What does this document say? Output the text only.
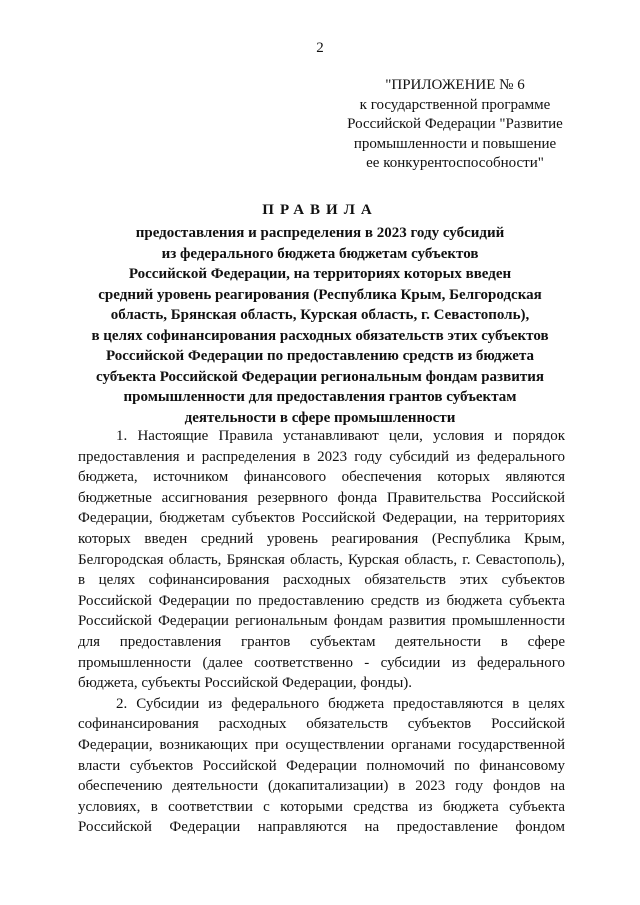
2
"ПРИЛОЖЕНИЕ № 6
к государственной программе
Российской Федерации "Развитие
промышленности и повышение
ее конкурентоспособности"
ПРАВИЛА
предоставления и распределения в 2023 году субсидий
из федерального бюджета бюджетам субъектов
Российской Федерации, на территориях которых введен
средний уровень реагирования (Республика Крым, Белгородская
область, Брянская область, Курская область, г. Севастополь),
в целях софинансирования расходных обязательств этих субъектов
Российской Федерации по предоставлению средств из бюджета
субъекта Российской Федерации региональным фондам развития
промышленности для предоставления грантов субъектам
деятельности в сфере промышленности
1. Настоящие Правила устанавливают цели, условия и порядок
предоставления и распределения в 2023 году субсидий из федерального
бюджета, источником финансового обеспечения которых являются
бюджетные ассигнования резервного фонда Правительства Российской
Федерации, бюджетам субъектов Российской Федерации, на территориях
которых введен средний уровень реагирования (Республика Крым,
Белгородская область, Брянская область, Курская область, г. Севастополь),
в целях софинансирования расходных обязательств этих субъектов
Российской Федерации по предоставлению средств из бюджета субъекта
Российской Федерации региональным фондам развития промышленности
для предоставления грантов субъектам деятельности в сфере
промышленности (далее соответственно - субсидии из федерального
бюджета, субъекты Российской Федерации, фонды).
2. Субсидии из федерального бюджета предоставляются в целях
софинансирования расходных обязательств субъектов Российской
Федерации, возникающих при осуществлении органами государственной
власти субъектов Российской Федерации полномочий по финансовому
обеспечению деятельности (докапитализации) в 2023 году фондов на
условиях, в соответствии с которыми средства из бюджета субъекта
Российской Федерации направляются на предоставление фондом
